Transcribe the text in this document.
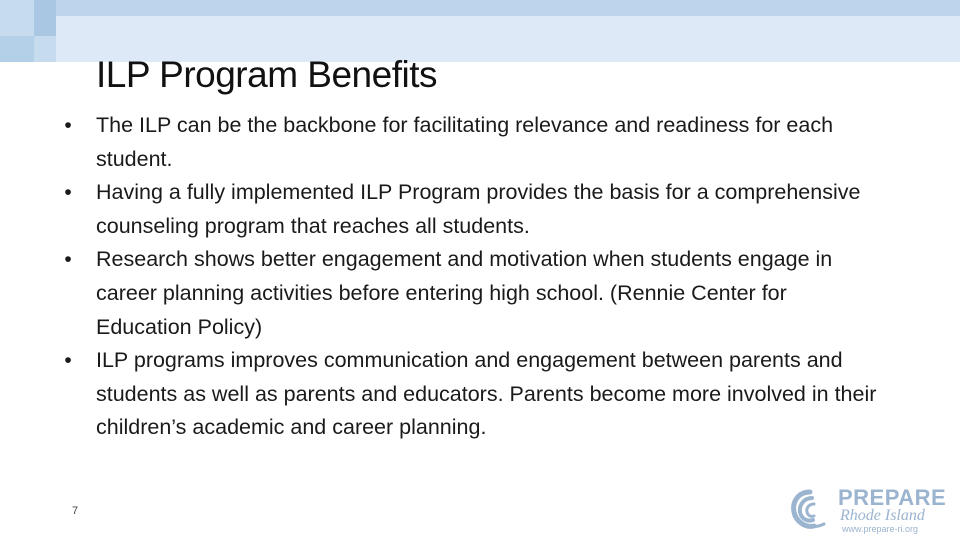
ILP Program Benefits
• The ILP can be the backbone for facilitating relevance and readiness for each student.
• Having a fully implemented ILP Program provides the basis for a comprehensive counseling program that reaches all students.
• Research shows better engagement and motivation when students engage in career planning activities before entering high school. (Rennie Center for Education Policy)
• ILP programs improves communication and engagement between parents and students as well as parents and educators. Parents become more involved in their children’s academic and career planning.
7
PREPARE
Rhode Island
www.prepare-ri.org
